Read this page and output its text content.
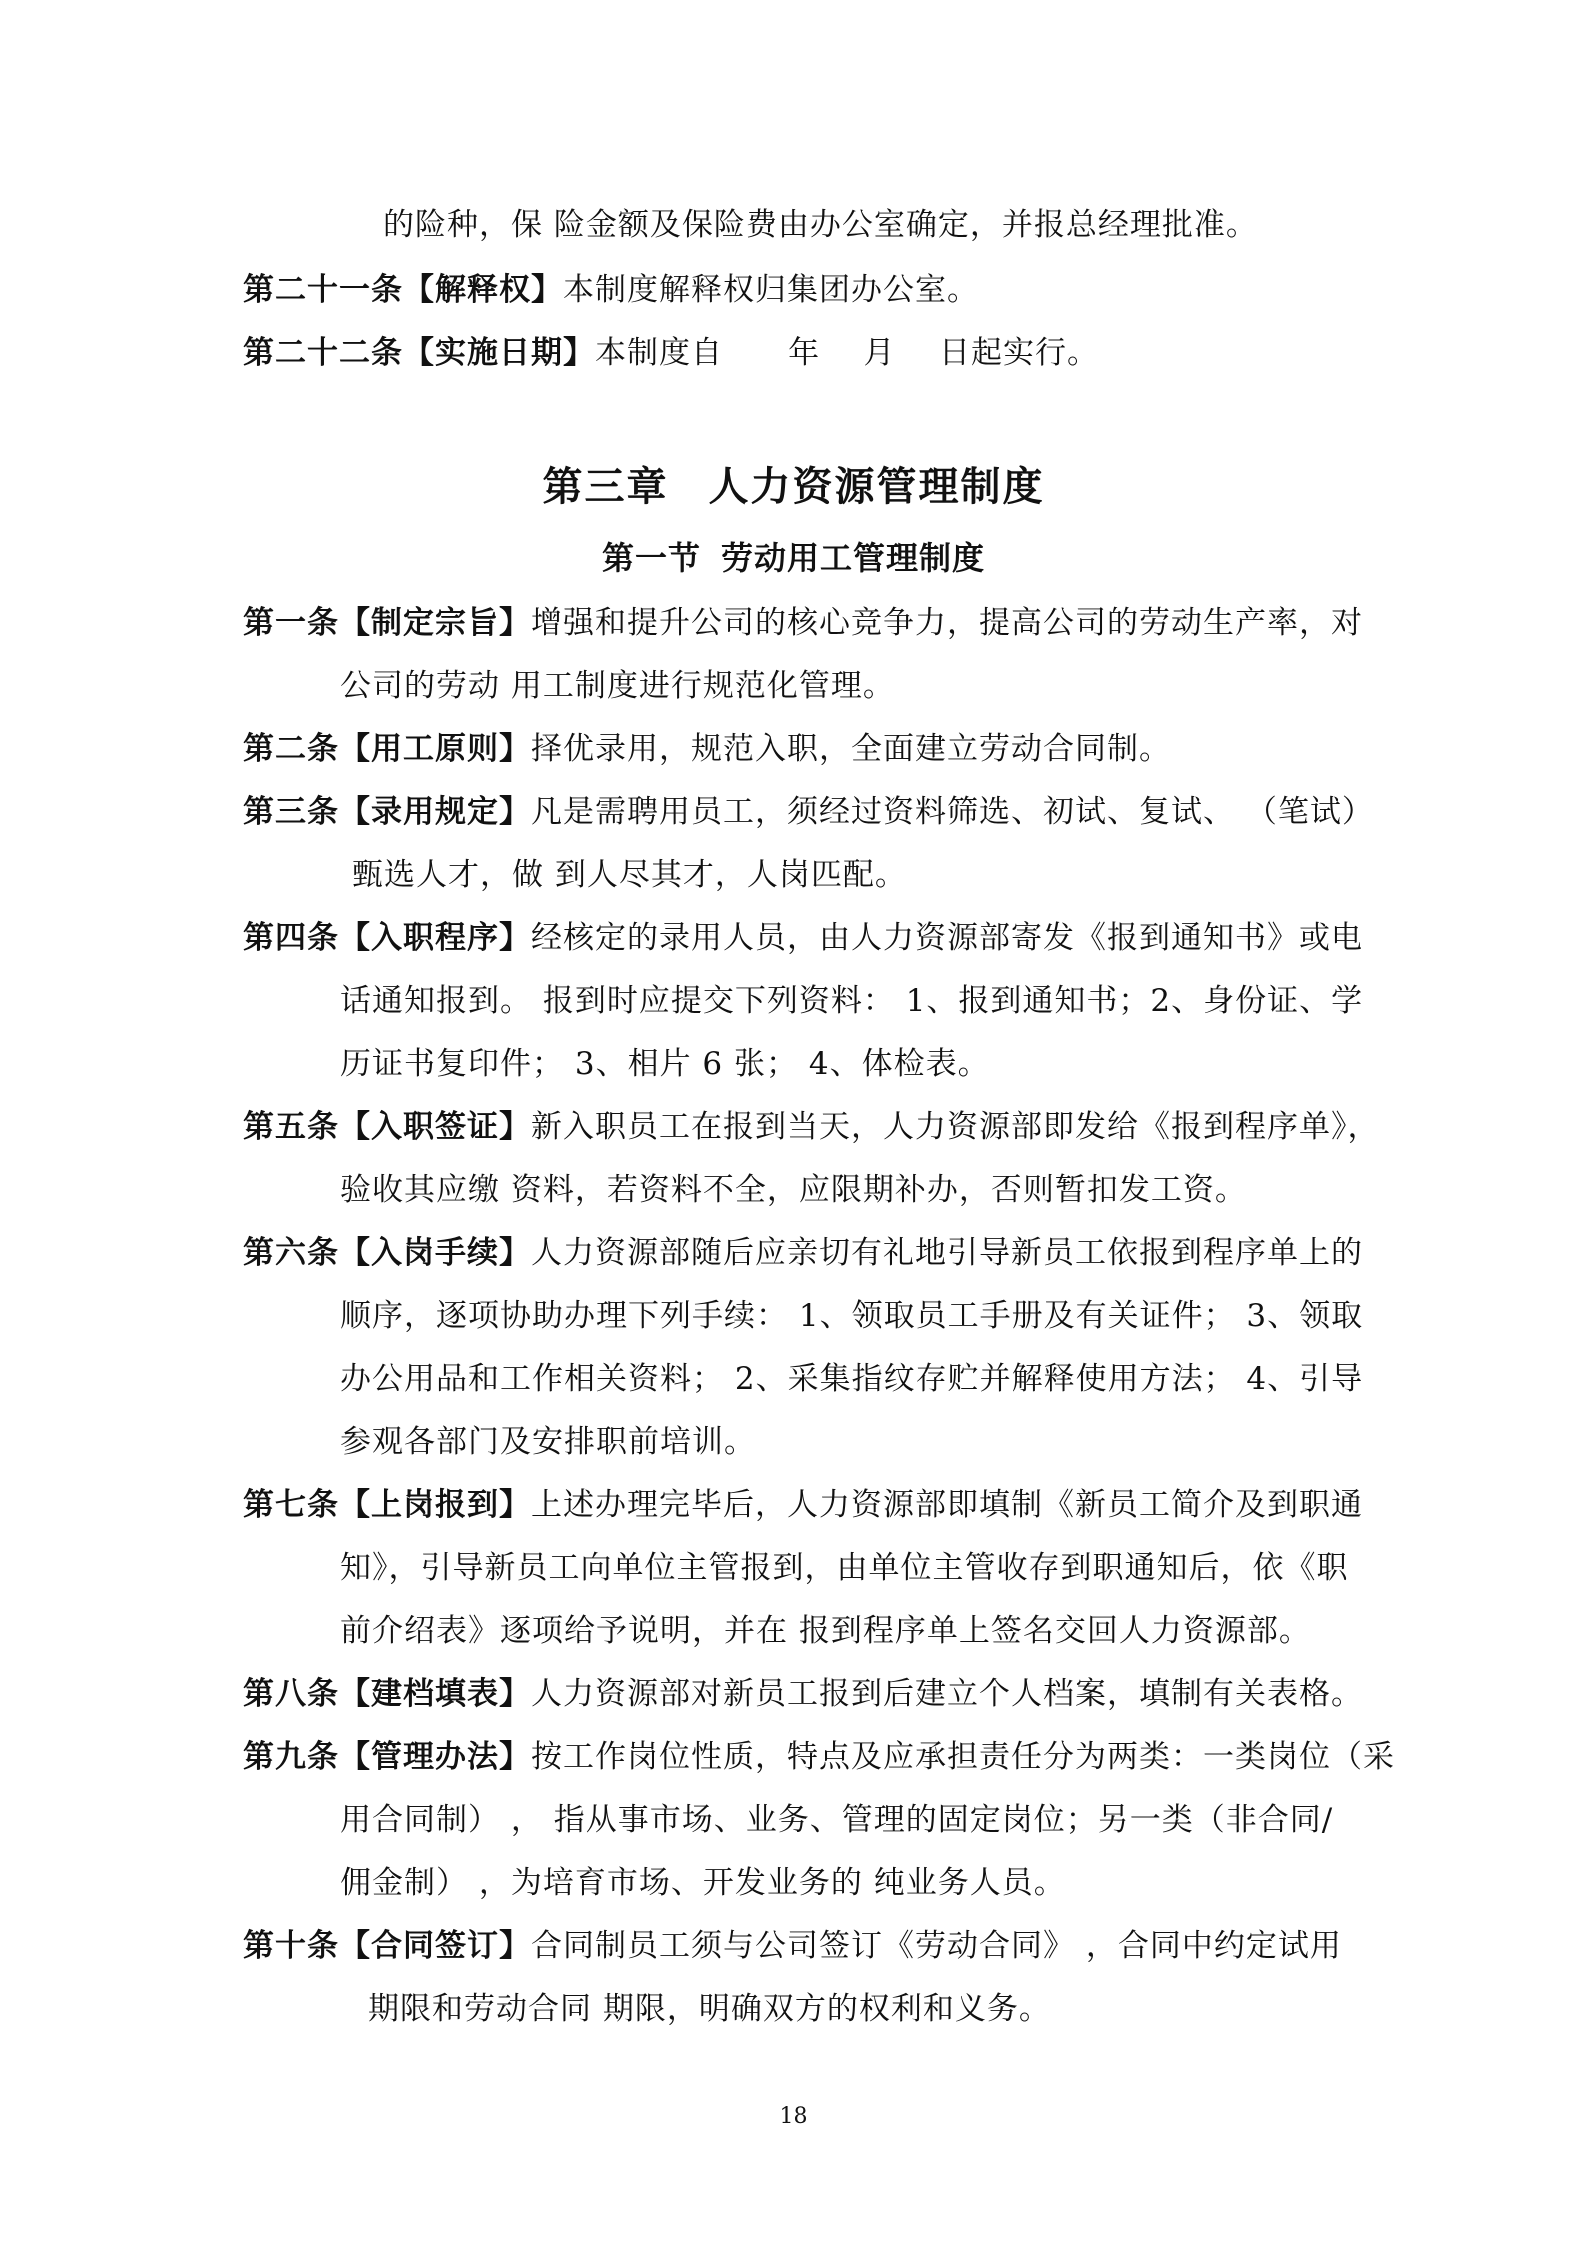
的险种，保 险金额及保险费由办公室确定，并报总经理批准。
第二十一条【解释权】本制度解释权归集团办公室。
第二十二条【实施日期】本制度自      年    月    日起实行。
第三章 人力资源管理制度
第一节 劳动用工管理制度
第一条【制定宗旨】增强和提升公司的核心竞争力，提高公司的劳动生产率，对
公司的劳动 用工制度进行规范化管理。
第二条【用工原则】择优录用，规范入职，全面建立劳动合同制。
第三条【录用规定】凡是需聘用员工，须经过资料筛选、初试、复试、 （笔试）
甄选人才，做 到人尽其才，人岗匹配。
第四条【入职程序】经核定的录用人员，由人力资源部寄发《报到通知书》或电
话通知报到。 报到时应提交下列资料： 1、报到通知书；2、身份证、学
历证书复印件； 3、相片 6 张； 4、体检表。
第五条【入职签证】新入职员工在报到当天，人力资源部即发给《报到程序单》，
验收其应缴 资料，若资料不全，应限期补办，否则暂扣发工资。
第六条【入岗手续】人力资源部随后应亲切有礼地引导新员工依报到程序单上的
顺序，逐项协助办理下列手续： 1、领取员工手册及有关证件； 3、领取
办公用品和工作相关资料； 2、采集指纹存贮并解释使用方法； 4、引导
参观各部门及安排职前培训。
第七条【上岗报到】上述办理完毕后，人力资源部即填制《新员工简介及到职通
知》，引导新员工向单位主管报到，由单位主管收存到职通知后，依《职
前介绍表》逐项给予说明，并在 报到程序单上签名交回人力资源部。
第八条【建档填表】人力资源部对新员工报到后建立个人档案，填制有关表格。
第九条【管理办法】按工作岗位性质，特点及应承担责任分为两类：一类岗位（采
用合同制） ， 指从事市场、业务、管理的固定岗位；另一类（非合同/
佣金制） ，为培育市场、开发业务的 纯业务人员。
第十条【合同签订】合同制员工须与公司签订《劳动合同》 ，合同中约定试用
期限和劳动合同 期限，明确双方的权利和义务。
18
